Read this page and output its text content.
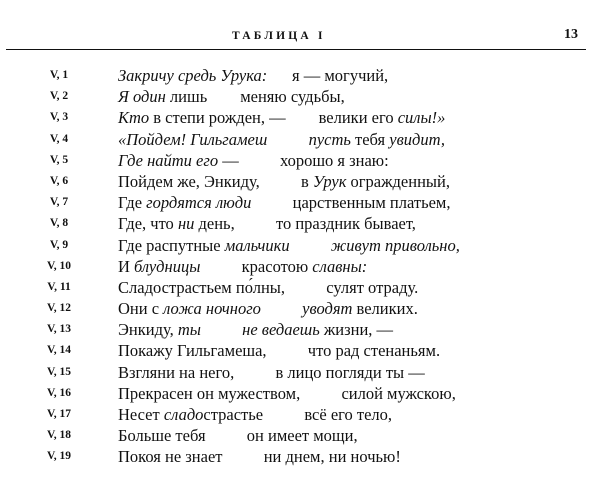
ТАБЛИЦА I	13
V, 1	Закричу средь Урука:      я — могучий,
V, 2	Я один лишь        меняю судьбы,
V, 3	Кто в степи рожден, —        велики его силы!»
V, 4	«Пойдем! Гильгамеш	пусть тебя увидит,
V, 5	Где найти его —          хорошо я знаю:
V, 6	Пойдем же, Энкиду,          в Урук огражденный,
V, 7	Где гордятся люди          царственным платьем,
V, 8	Где, что ни день,          то праздник бывает,
V, 9	Где распутные мальчики	живут привольно,
V, 10	И блудницы          красотою славны:
V, 11	Сладострастьем по́лны,          сулят отраду.
V, 12	Они с ложа ночного	уводят великих.
V, 13	Энкиду, ты	не ведаешь жизни, —
V, 14	Покажу Гильгамеша,          что рад стенаньям.
V, 15	Взгляни на него,          в лицо погляди ты —
V, 16	Прекрасен он мужеством,          силой мужскою,
V, 17	Несет сладострастье          всё его тело,
V, 18	Больше тебя          он имеет мощи,
V, 19	Покоя не знает          ни днем, ни ночью!
